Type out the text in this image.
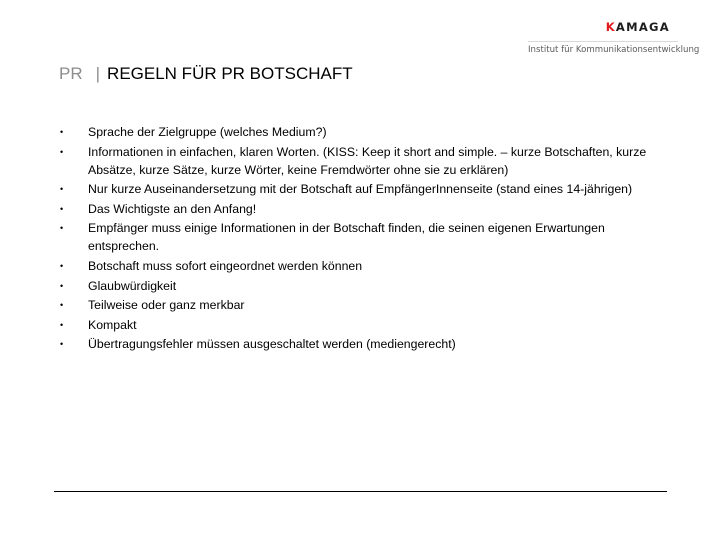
KAMAGA
Institut für Kommunikationsentwicklung
PR | REGELN FÜR PR BOTSCHAFT
• Sprache der Zielgruppe (welches Medium?)
• Informationen in einfachen, klaren Worten. (KISS: Keep it short and simple. – kurze Botschaften, kurze Absätze, kurze Sätze, kurze Wörter, keine Fremdwörter ohne sie zu erklären)
• Nur kurze Auseinandersetzung mit der Botschaft auf EmpfängerInnenseite (stand eines 14-jährigen)
• Das Wichtigste an den Anfang!
• Empfänger muss einige Informationen in der Botschaft finden, die seinen eigenen Erwartungen entsprechen.
• Botschaft muss sofort eingeordnet werden können
• Glaubwürdigkeit
• Teilweise oder ganz merkbar
• Kompakt
• Übertragungsfehler müssen ausgeschaltet werden (mediengerecht)
